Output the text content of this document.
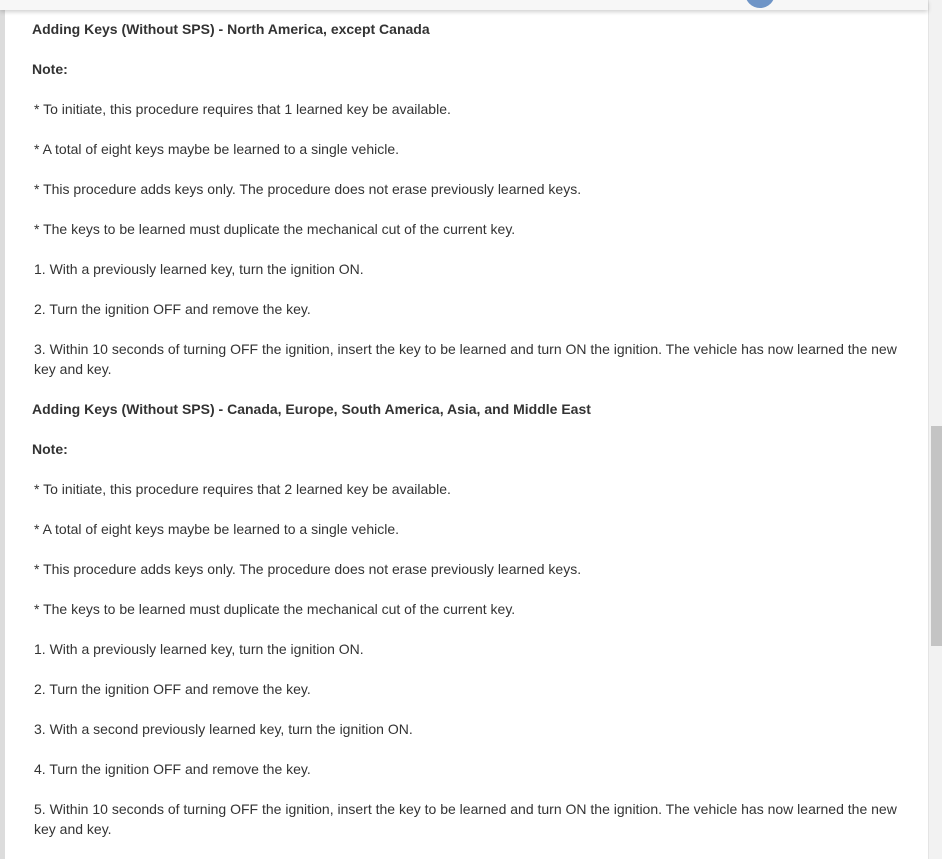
Adding Keys (Without SPS) - North America, except Canada
Note:
* To initiate, this procedure requires that 1 learned key be available.
* A total of eight keys maybe be learned to a single vehicle.
* This procedure adds keys only. The procedure does not erase previously learned keys.
* The keys to be learned must duplicate the mechanical cut of the current key.
1. With a previously learned key, turn the ignition ON.
2. Turn the ignition OFF and remove the key.
3. Within 10 seconds of turning OFF the ignition, insert the key to be learned and turn ON the ignition. The vehicle has now learned the new key and key.
Adding Keys (Without SPS) - Canada, Europe, South America, Asia, and Middle East
Note:
* To initiate, this procedure requires that 2 learned key be available.
* A total of eight keys maybe be learned to a single vehicle.
* This procedure adds keys only. The procedure does not erase previously learned keys.
* The keys to be learned must duplicate the mechanical cut of the current key.
1. With a previously learned key, turn the ignition ON.
2. Turn the ignition OFF and remove the key.
3. With a second previously learned key, turn the ignition ON.
4. Turn the ignition OFF and remove the key.
5. Within 10 seconds of turning OFF the ignition, insert the key to be learned and turn ON the ignition. The vehicle has now learned the new key and key.
